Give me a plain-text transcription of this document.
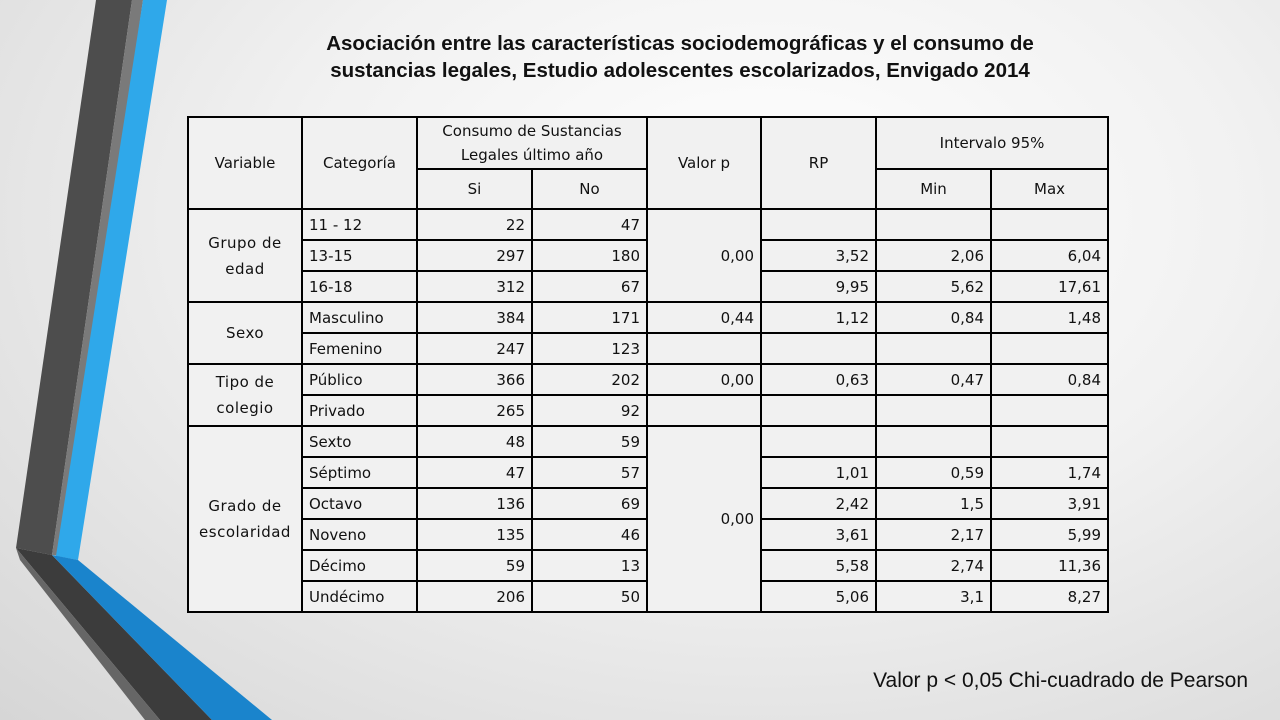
Asociación entre las características sociodemográficas y el consumo de
sustancias legales, Estudio adolescentes escolarizados, Envigado 2014
Variable	Categoría	Consumo de Sustancias
Legales último año		Valor p	RP	Intervalo 95%	
		Si	No			Min	Max

Grupo de
edad	11 - 12	22	47	0,00			
	13-15	297	180		3,52	2,06	6,04
	16-18	312	67		9,95	5,62	17,61

Sexo	Masculino	384	171	0,44	1,12	0,84	1,48
	Femenino	247	123				

Tipo de
colegio	Público	366	202	0,00	0,63	0,47	0,84
	Privado	265	92				

Grado de
escolaridad	Sexto	48	59	0,00			
	Séptimo	47	57		1,01	0,59	1,74
	Octavo	136	69		2,42	1,5	3,91
	Noveno	135	46		3,61	2,17	5,99
	Décimo	59	13		5,58	2,74	11,36
	Undécimo	206	50		5,06	3,1	8,27
Valor p < 0,05 Chi-cuadrado de Pearson
